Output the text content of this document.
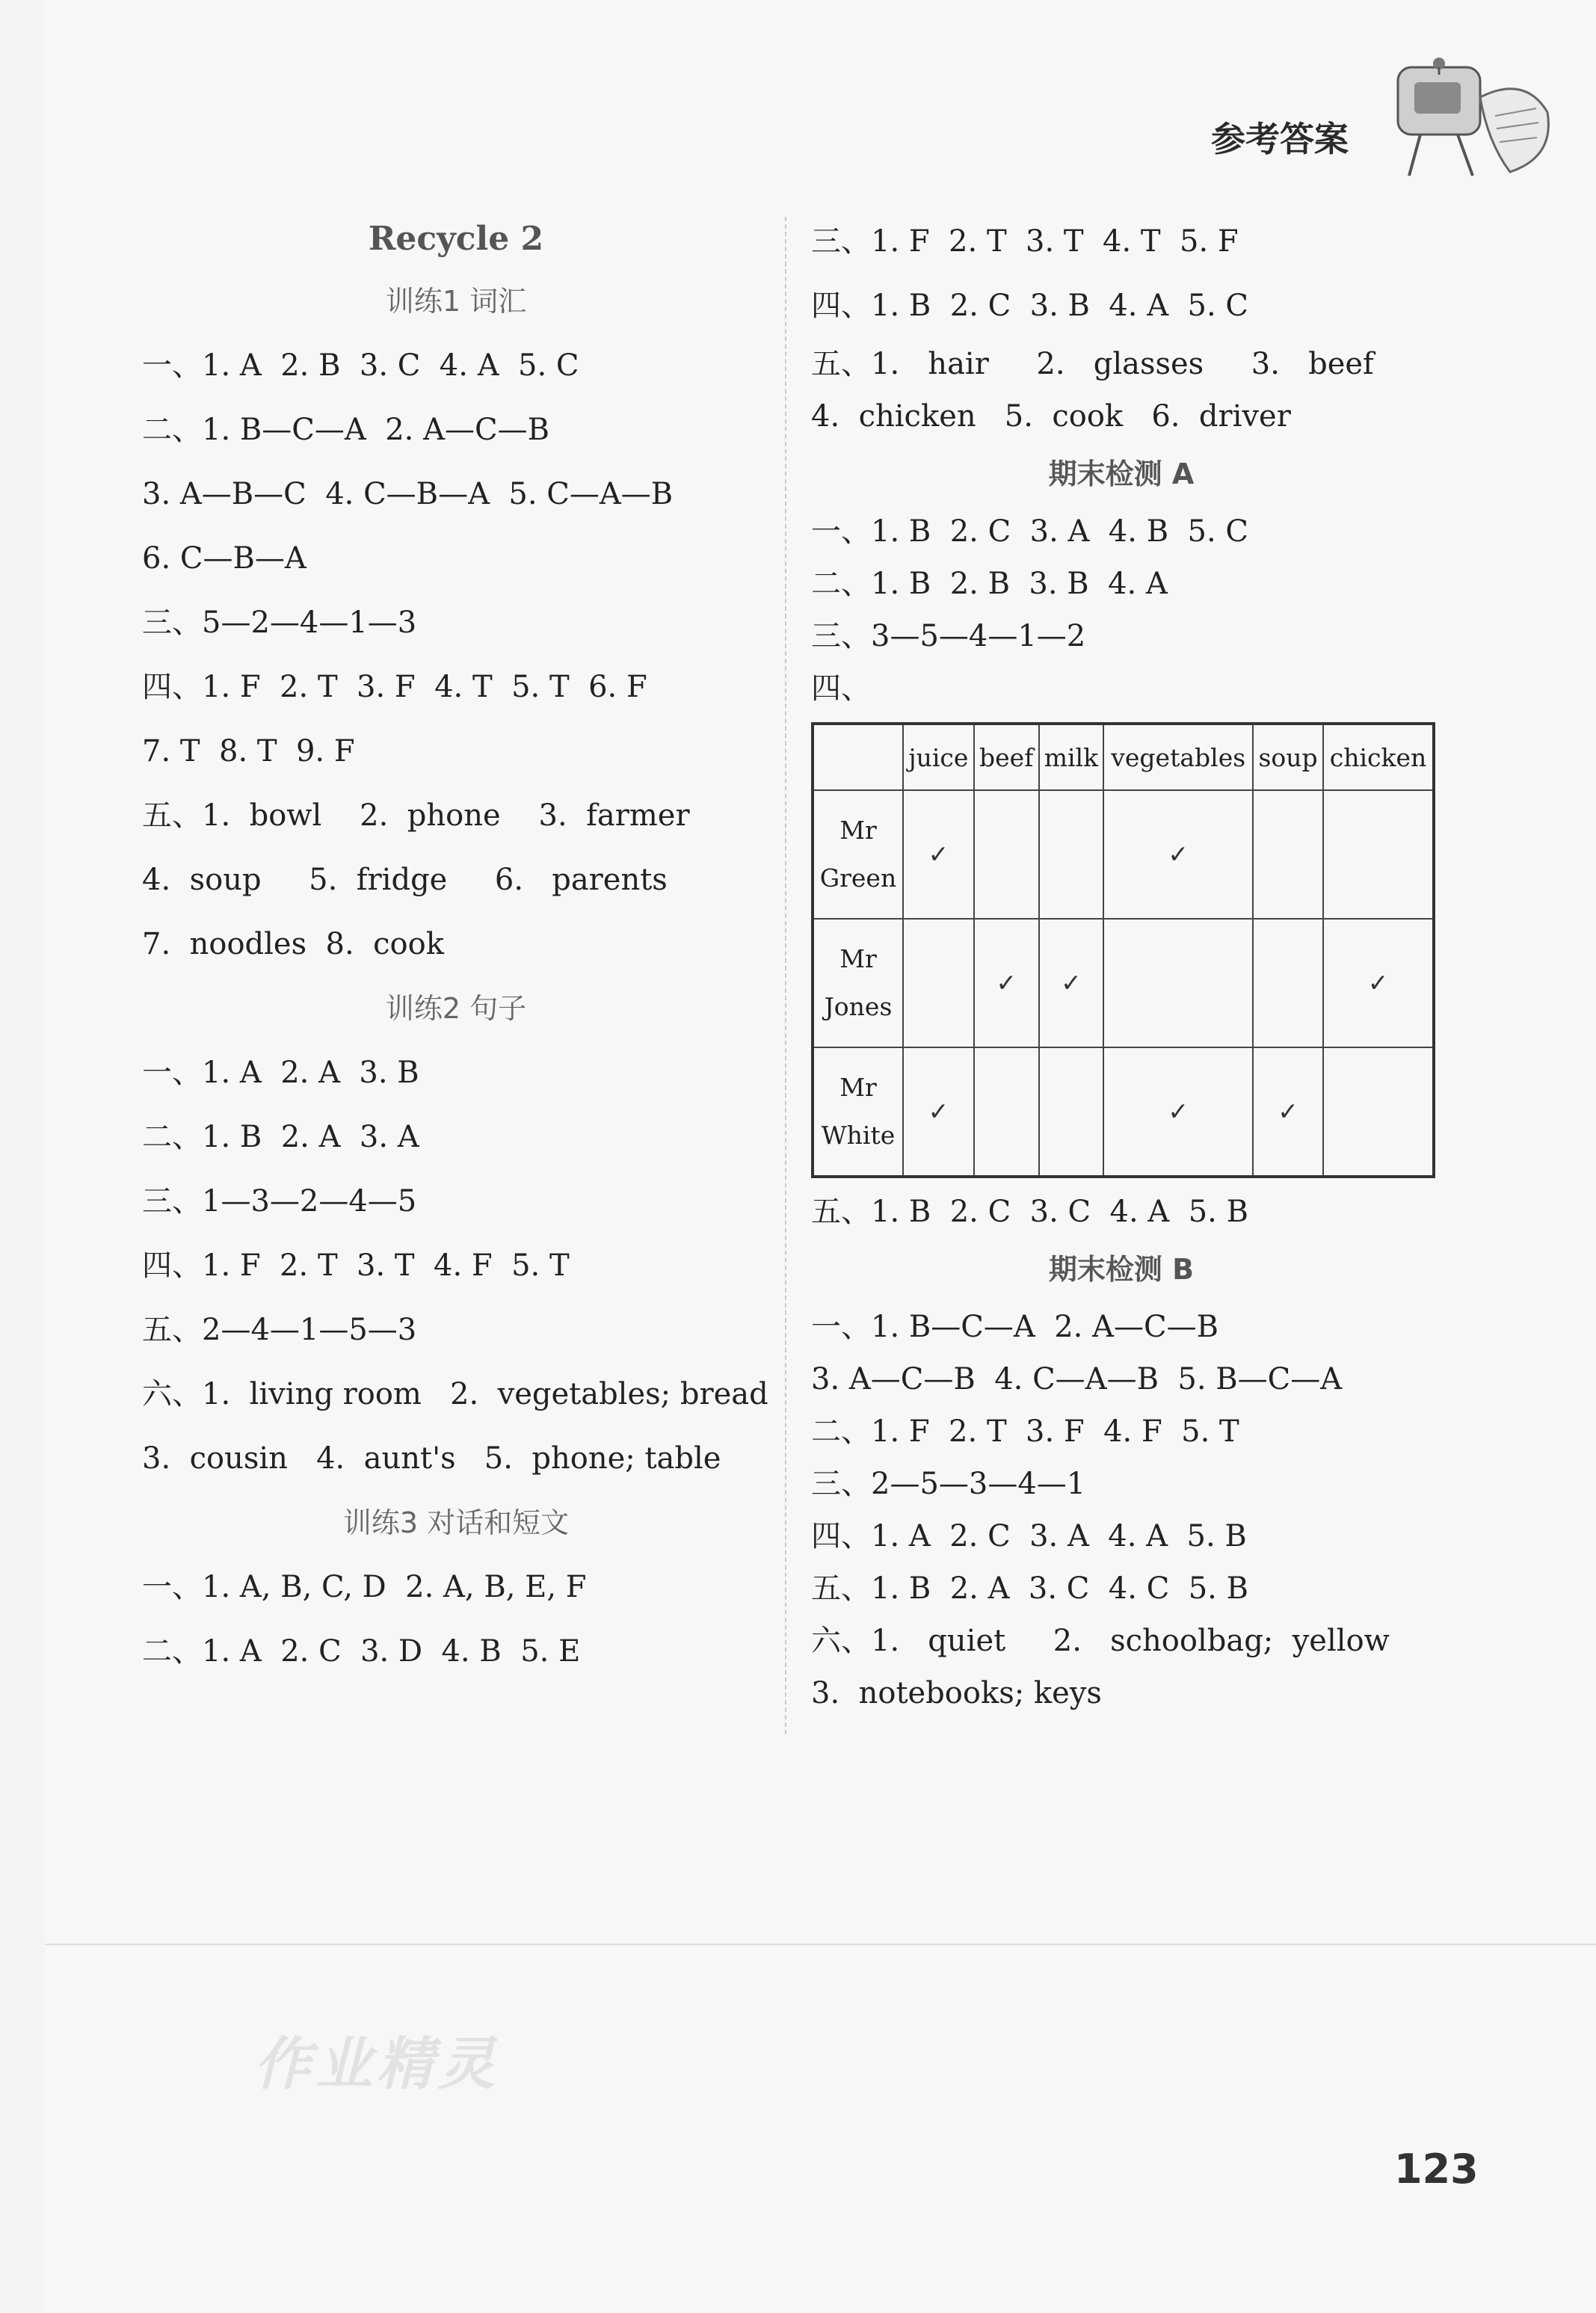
参考答案
Recycle 2
训练1 词汇
一、1. A  2. B  3. C  4. A  5. C
二、1. B—C—A  2. A—C—B
3. A—B—C  4. C—B—A  5. C—A—B
6. C—B—A
三、5—2—4—1—3
四、1. F  2. T  3. F  4. T  5. T  6. F
7. T  8. T  9. F
五、1.  bowl    2.  phone    3.  farmer
4.  soup     5.  fridge     6.   parents
7.  noodles  8.  cook
训练2 句子
一、1. A  2. A  3. B
二、1. B  2. A  3. A
三、1—3—2—4—5
四、1. F  2. T  3. T  4. F  5. T
五、2—4—1—5—3
六、1.  living room   2.  vegetables; bread
3.  cousin   4.  aunt's   5.  phone; table
训练3 对话和短文
一、1. A, B, C, D  2. A, B, E, F
二、1. A  2. C  3. D  4. B  5. E
三、1. F  2. T  3. T  4. T  5. F
四、1. B  2. C  3. B  4. A  5. C
五、1.   hair     2.   glasses     3.   beef
4.  chicken   5.  cook   6.  driver
期末检测 A
一、1. B  2. C  3. A  4. B  5. C
二、1. B  2. B  3. B  4. A
三、3—5—4—1—2
四、
	juice	beef	milk	vegetables	soup	chicken
Mr
Green	✓			✓		
Mr
Jones		✓	✓			✓
Mr
White	✓			✓	✓	
五、1. B  2. C  3. C  4. A  5. B
期末检测 B
一、1. B—C—A  2. A—C—B
3. A—C—B  4. C—A—B  5. B—C—A
二、1. F  2. T  3. F  4. F  5. T
三、2—5—3—4—1
四、1. A  2. C  3. A  4. A  5. B
五、1. B  2. A  3. C  4. C  5. B
六、1.   quiet     2.   schoolbag;  yellow
3.  notebooks; keys
作业精灵
123
